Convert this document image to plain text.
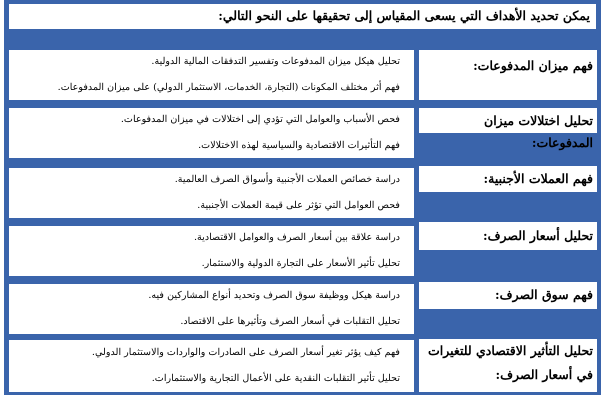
يمكن تحديد الأهداف التي يسعى المقياس إلى تحقيقها على النحو التالي:
فهم ميزان المدفوعات:
تحليل هيكل ميزان المدفوعات وتفسير التدفقات المالية الدولية.
فهم أثر مختلف المكونات (التجارة، الخدمات، الاستثمار الدولي) على ميزان المدفوعات.
تحليل اختلالات ميزان المدفوعات:
فحص الأسباب والعوامل التي تؤدي إلى اختلالات في ميزان المدفوعات.
فهم التأثيرات الاقتصادية والسياسية لهذه الاختلالات.
فهم العملات الأجنبية:
دراسة خصائص العملات الأجنبية وأسواق الصرف العالمية.
فحص العوامل التي تؤثر على قيمة العملات الأجنبية.
تحليل أسعار الصرف:
دراسة علاقة بين أسعار الصرف والعوامل الاقتصادية.
تحليل تأثير الأسعار على التجارة الدولية والاستثمار.
فهم سوق الصرف:
دراسة هيكل ووظيفة سوق الصرف وتحديد أنواع المشاركين فيه.
تحليل التقلبات في أسعار الصرف وتأثيرها على الاقتصاد.
تحليل التأثير الاقتصادي للتغيرات في أسعار الصرف:
فهم كيف يؤثر تغير أسعار الصرف على الصادرات والواردات والاستثمار الدولي.
تحليل تأثير التقلبات النقدية على الأعمال التجارية والاستثمارات.
